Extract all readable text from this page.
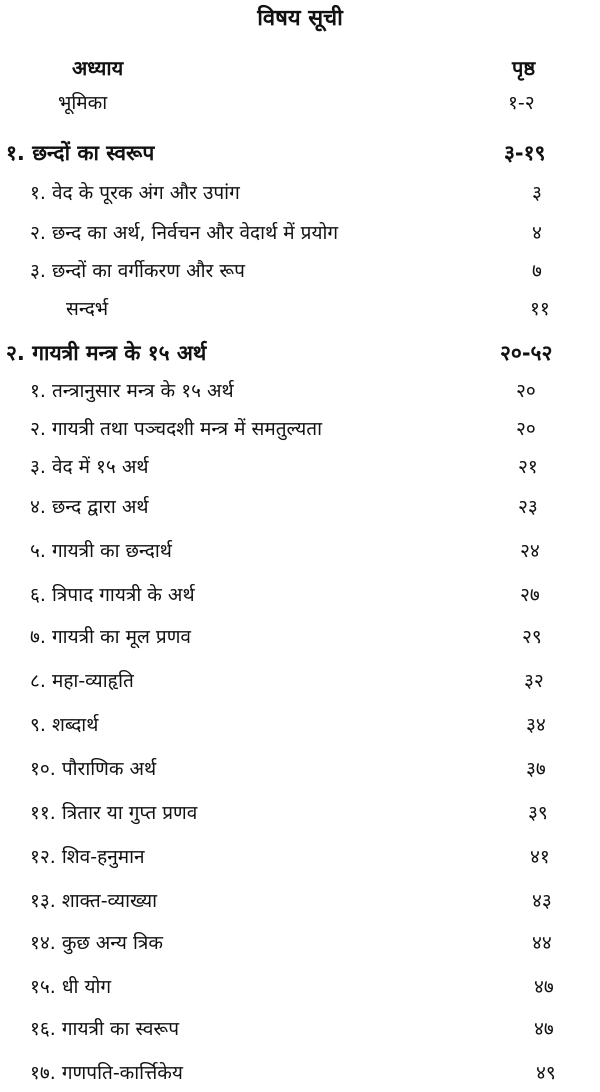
विषय सूची
अध्याय	पृष्ठ
भूमिका	१-२
१. छन्दों का स्वरूप	३-१९
१. वेद के पूरक अंग और उपांग	३
२. छन्द का अर्थ, निर्वचन और वेदार्थ में प्रयोग	४
३. छन्दों का वर्गीकरण और रूप	७
सन्दर्भ	११
२. गायत्री मन्त्र के १५ अर्थ	२०-५२
१. तन्त्रानुसार मन्त्र के १५ अर्थ	२०
२. गायत्री तथा पञ्चदशी मन्त्र में समतुल्यता	२०
३. वेद में १५ अर्थ	२१
४. छन्द द्वारा अर्थ	२३
५. गायत्री का छन्दार्थ	२४
६. त्रिपाद गायत्री के अर्थ	२७
७. गायत्री का मूल प्रणव	२९
८. महा-व्याहृति	३२
९. शब्दार्थ	३४
१०. पौराणिक अर्थ	३७
११. त्रितार या गुप्त प्रणव	३९
१२. शिव-हनुमान	४१
१३. शाक्त-व्याख्या	४३
१४. कुछ अन्य त्रिक	४४
१५. धी योग	४७
१६. गायत्री का स्वरूप	४७
१७. गणपति-कार्त्तिकेय	४९
